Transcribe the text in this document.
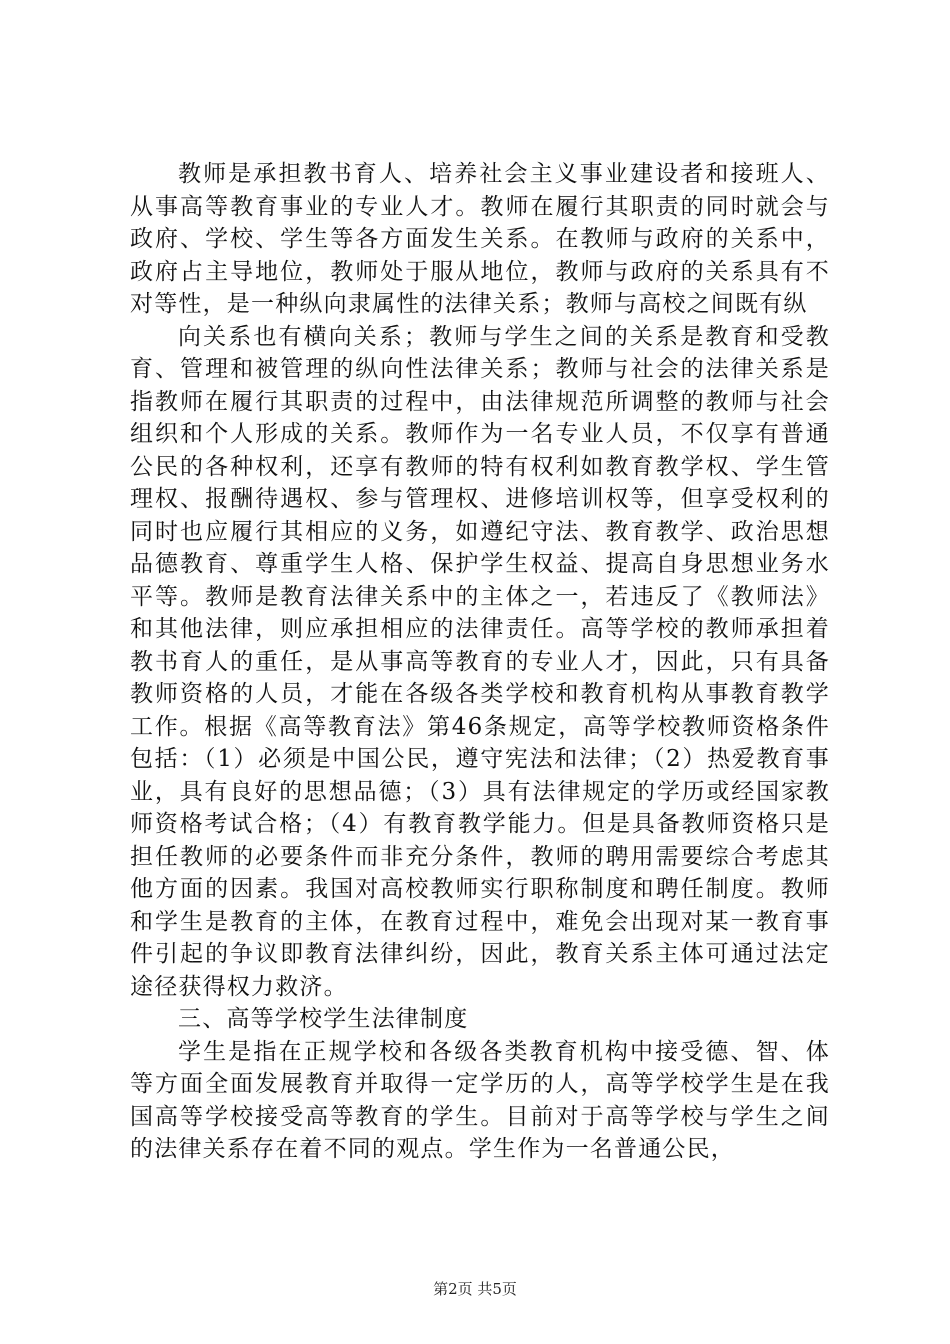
教师是承担教书育人、培养社会主义事业建设者和接班人、从事高等教育事业的专业人才。教师在履行其职责的同时就会与政府、学校、学生等各方面发生关系。在教师与政府的关系中，政府占主导地位，教师处于服从地位，教师与政府的关系具有不对等性，是一种纵向隶属性的法律关系；教师与高校之间既有纵

向关系也有横向关系；教师与学生之间的关系是教育和受教育、管理和被管理的纵向性法律关系；教师与社会的法律关系是指教师在履行其职责的过程中，由法律规范所调整的教师与社会组织和个人形成的关系。教师作为一名专业人员，不仅享有普通公民的各种权利，还享有教师的特有权利如教育教学权、学生管理权、报酬待遇权、参与管理权、进修培训权等，但享受权利的同时也应履行其相应的义务，如遵纪守法、教育教学、政治思想品德教育、尊重学生人格、保护学生权益、提高自身思想业务水平等。教师是教育法律关系中的主体之一，若违反了《教师法》和其他法律，则应承担相应的法律责任。高等学校的教师承担着教书育人的重任，是从事高等教育的专业人才，因此，只有具备教师资格的人员，才能在各级各类学校和教育机构从事教育教学工作。根据《高等教育法》第46条规定，高等学校教师资格条件包括：（1）必须是中国公民，遵守宪法和法律；（2）热爱教育事业，具有良好的思想品德；（3）具有法律规定的学历或经国家教师资格考试合格；（4）有教育教学能力。但是具备教师资格只是担任教师的必要条件而非充分条件，教师的聘用需要综合考虑其他方面的因素。我国对高校教师实行职称制度和聘任制度。教师和学生是教育的主体，在教育过程中，难免会出现对某一教育事件引起的争议即教育法律纠纷，因此，教育关系主体可通过法定途径获得权力救济。

三、高等学校学生法律制度

学生是指在正规学校和各级各类教育机构中接受德、智、体等方面全面发展教育并取得一定学历的人，高等学校学生是在我国高等学校接受高等教育的学生。目前对于高等学校与学生之间的法律关系存在着不同的观点。学生作为一名普通公民，

第2页 共5页
